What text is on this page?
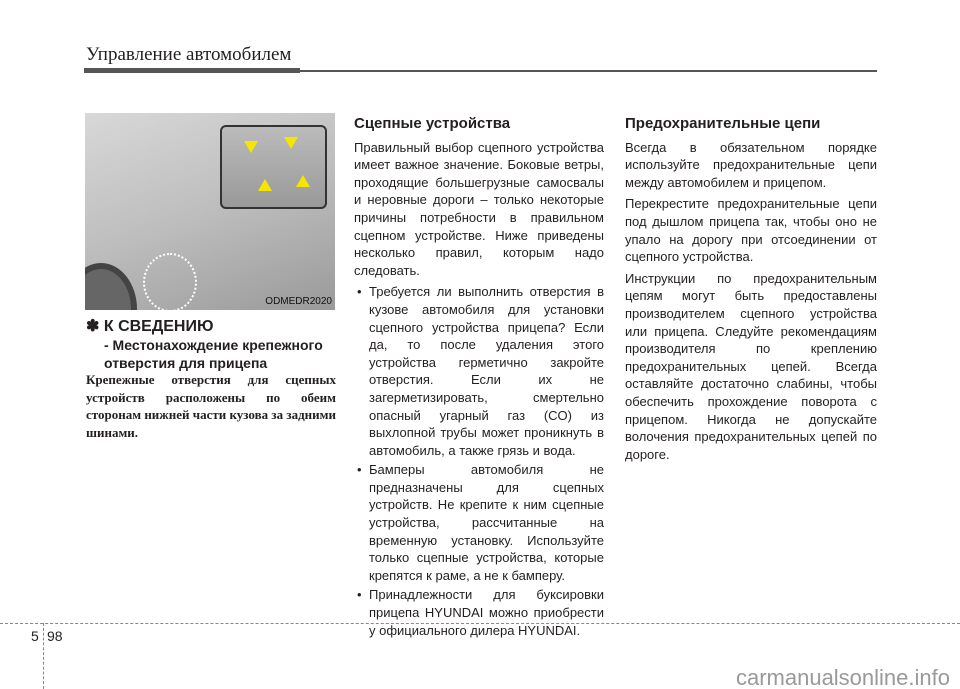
Управление автомобилем
ODMEDR2020
✽ К СВЕДЕНИЮ
- Местонахождение крепежного отверстия для прицепа
Крепежные отверстия для сцепных устройств расположены по обеим сторонам нижней части кузова за задними шинами.
Сцепные устройства

Правильный выбор сцепного устройства имеет важное значение. Боковые ветры, проходящие большегрузные самосвалы и неровные дороги – только некоторые причины потребности в правильном сцепном устройстве. Ниже приведены несколько правил, которым надо следовать.

• Требуется ли выполнить отверстия в кузове автомобиля для установки сцепного устройства прицепа? Если да, то после удаления этого устройства герметично закройте отверстия. Если их не загерметизировать, смертельно опасный угарный газ (CO) из выхлопной трубы может проникнуть в автомобиль, а также грязь и вода.
• Бамперы автомобиля не предназначены для сцепных устройств. Не крепите к ним сцепные устройства, рассчитанные на временную установку. Используйте только сцепные устройства, которые крепятся к раме, а не к бамперу.
• Принадлежности для буксировки прицепа HYUNDAI можно приобрести у официального дилера HYUNDAI.
Предохранительные цепи

Всегда в обязательном порядке используйте предохранительные цепи между автомобилем и прицепом.

Перекрестите предохранительные цепи под дышлом прицепа так, чтобы оно не упало на дорогу при отсоединении от сцепного устройства.

Инструкции по предохранительным цепям могут быть предоставлены производителем сцепного устройства или прицепа. Следуйте рекомендациям производителя по креплению предохранительных цепей. Всегда оставляйте достаточно слабины, чтобы обеспечить прохождение поворота с прицепом. Никогда не допускайте волочения предохранительных цепей по дороге.

5 98
carmanualsonline.info
